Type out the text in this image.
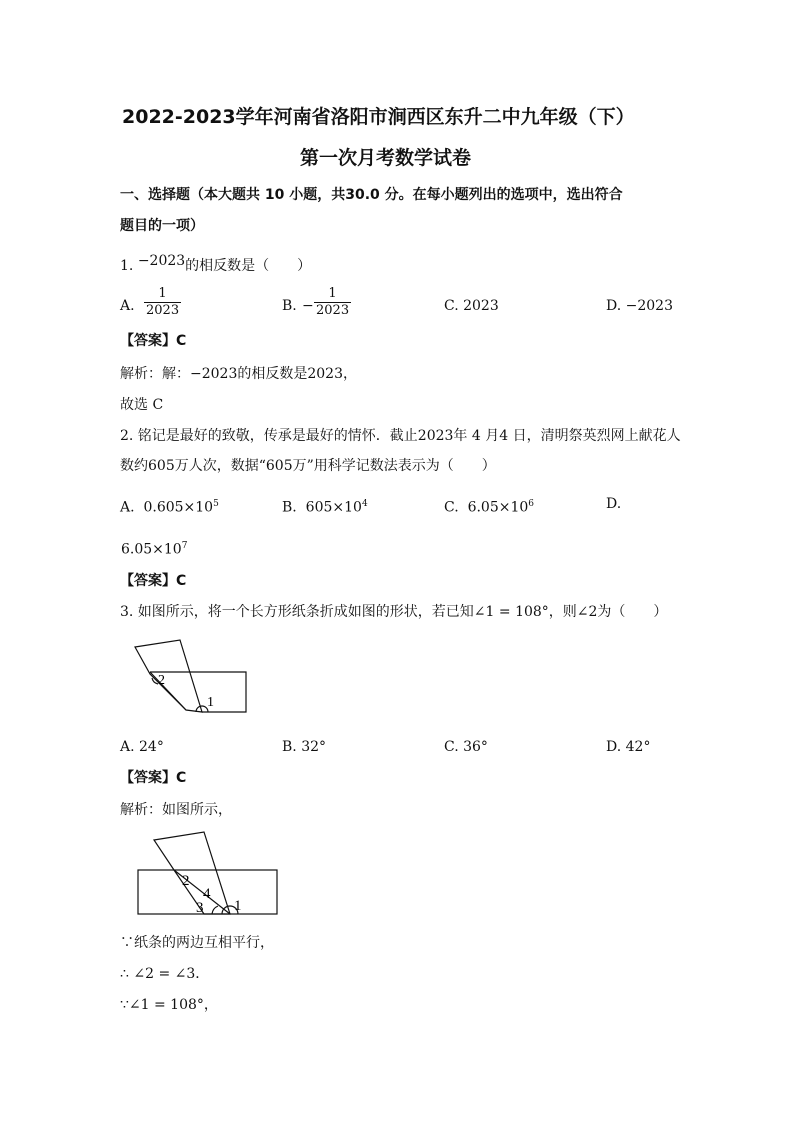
2022-2023学年河南省洛阳市涧西区东升二中九年级（下）
第一次月考数学试卷
一、选择题（本大题共 10 小题，共30.0 分。在每小题列出的选项中，选出符合
题目的一项）
1. −2023的相反数是（　　）
A. $\frac{1}{2023}$	B. − $\frac{1}{2023}$	C. 2023	D. −2023
【答案】C
解析：解：−2023的相反数是2023，
故选 C
2. 铭记是最好的致敬，传承是最好的情怀．截止2023年 4 月4 日，清明祭英烈网上献花人
数约605万人次，数据“605万”用科学记数法表示为（　　）
A. $0.605\times 10^5$	B. $605\times 10^4$	C. $6.05\times 10^6$	D.
$6.05\times 10^7$
【答案】C
3. 如图所示，将一个长方形纸条折成如图的形状，若已知∠1 = 108°，则∠2为（　　）
2
1
A. 24°	B. 32°	C. 36°	D. 42°
【答案】C
解析：如图所示，
2
4
3 1
∵纸条的两边互相平行，
∴ ∠2 = ∠3．
∵∠1 = 108°，
